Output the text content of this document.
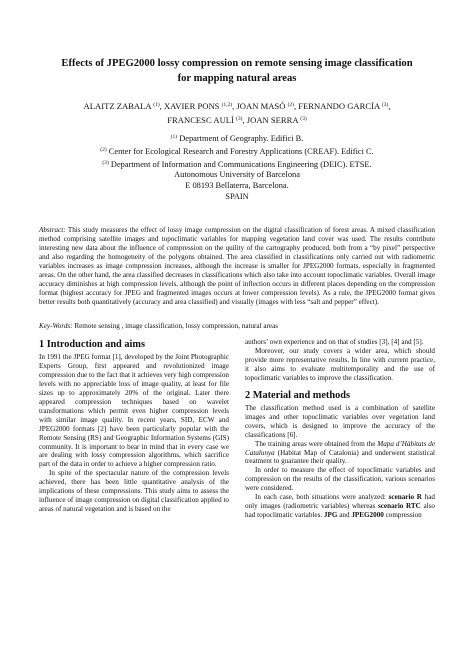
Effects of JPEG2000 lossy compression on remote sensing image classification for mapping natural areas
ALAITZ ZABALA $^{(1)}$, XAVIER PONS $^{(1,2)}$, JOAN MASÓ $^{(2)}$, FERNANDO GARCÍA $^{(3)}$,
FRANCESC AULÍ $^{(3)}$, JOAN SERRA $^{(3)}$
$^{(1)}$ Department of Geography. Edifici B.
$^{(2)}$ Center for Ecological Research and Forestry Applications (CREAF). Edifici C.
$^{(3)}$ Department of Information and Communications Engineering (DEIC). ETSE.
Autonomous University of Barcelona
E 08193 Bellaterra, Barcelona.
SPAIN
Abstract: This study measures the effect of lossy image compression on the digital classification of forest areas. A mixed classification method comprising satellite images and topoclimatic variables for mapping vegetation land cover was used. The results contribute interesting new data about the influence of compression on the quility of the cartography produced, both from a “by pixel” perspective and also regarding the homogeneity of the polygons obtained. The area classified in classifications only carried out with radiometric variables increases as image compression increases, although the increase is smaller for JPEG2000 formats, especially in fragmented areas. On the other hand, the area classified decreases in classifications which also take into account topoclimatic variables. Overall image accuracy diminishes at high compression levels, although the point of inflection occurs in different places depending on the compression format (highest accuracy for JPEG and fragmented images occurs at lower compression levels). As a rule, the JPEG2000 format gives better results both quantitatively (accuracy and area classified) and visually (images with less “salt and pepper” effect).
Key-Words: Remote sensing , image classification, lossy compression, natural areas
1 Introduction and aims

In 1991 the JPEG format [1], developed by the Joint Photographic Experts Group, first appeared and revolutionized image compression due to the fact that it achieves very high compression levels with no appreciable loss of image quality, at least for file sizes up to approximately 20% of the original. Later there appeared compression techniques based on wavelet transformations which permit even higher compression levels with similar image quality. In recent years, SID, ECW and JPEG2000 formats [2] have been particularly popular with the Remote Sensing (RS) and Geographic Information Systems (GIS) community. It is important to bear in mind that in every case we are dealing with lossy compression algorithms, which sacrifice part of the data in order to achieve a higher compression ratio.

In spite of the spectacular nature of the compression levels achieved, there has been little quantitative analysis of the implications of these compressions. This study aims to assess the influence of image compression on digital classification applied to areas of natural vegetation and is based on the

authors’ own experience and on that of studies [3], [4] and [5].

Moreover, our study covers a wider area, which should provide more representative results. In line with current practice, it also aims to evaluate multitemporality and the use of topoclimatic variables to improve the classification.

2 Material and methods

The classification method used is a combination of satellite images and other topoclimatic variables over vegetation land covers, which is designed to improve the accuracy of the classifications [6].

The training areas were obtained from the Mapa d’Hàbitats de Catalunya (Habitat Map of Catalonia) and underwent statistical treatment to guarantee their quality.

In order to measure the effect of topoclimatic variables and compression on the results of the classification, various scenarios were considered.

In each case, both situations were analyzed: scenario R had only images (radiometric variables) whereas scenario RTC also had topoclimatic variables. JPG and JPEG2000 compression
